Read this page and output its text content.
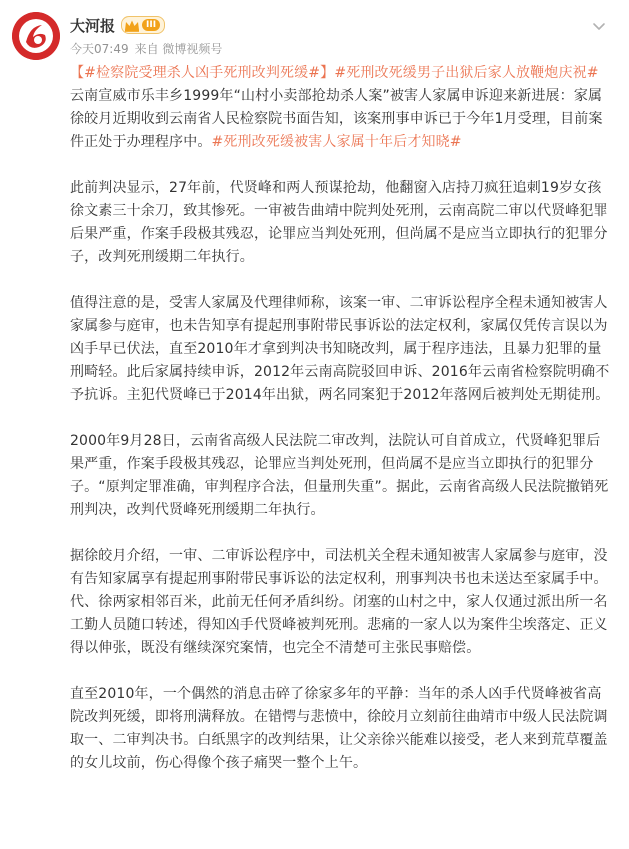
大河报	III
今天07:49 来自 微博视频号

【#检察院受理杀人凶手死刑改判死缓#】#死刑改死缓男子出狱后家人放鞭炮庆祝# 云南宣威市乐丰乡1999年“山村小卖部抢劫杀人案”被害人家属申诉迎来新进展：家属徐皎月近期收到云南省人民检察院书面告知，该案刑事申诉已于今年1月受理，目前案件正处于办理程序中。#死刑改死缓被害人家属十年后才知晓#

此前判决显示，27年前，代贤峰和两人预谋抢劫，他翻窗入店持刀疯狂追刺19岁女孩徐文素三十余刀，致其惨死。一审被告曲靖中院判处死刑，云南高院二审以代贤峰犯罪后果严重，作案手段极其残忍，论罪应当判处死刑，但尚属不是应当立即执行的犯罪分子，改判死刑缓期二年执行。

值得注意的是，受害人家属及代理律师称，该案一审、二审诉讼程序全程未通知被害人家属参与庭审，也未告知享有提起刑事附带民事诉讼的法定权利，家属仅凭传言误以为凶手早已伏法，直至2010年才拿到判决书知晓改判，属于程序违法，且暴力犯罪的量刑畸轻。此后家属持续申诉，2012年云南高院驳回申诉、2016年云南省检察院明确不予抗诉。主犯代贤峰已于2014年出狱，两名同案犯于2012年落网后被判处无期徒刑。

2000年9月28日，云南省高级人民法院二审改判，法院认可自首成立，代贤峰犯罪后果严重，作案手段极其残忍，论罪应当判处死刑，但尚属不是应当立即执行的犯罪分子。“原判定罪准确，审判程序合法，但量刑失重”。据此，云南省高级人民法院撤销死刑判决，改判代贤峰死刑缓期二年执行。

据徐皎月介绍，一审、二审诉讼程序中，司法机关全程未通知被害人家属参与庭审，没有告知家属享有提起刑事附带民事诉讼的法定权利，刑事判决书也未送达至家属手中。代、徐两家相邻百米，此前无任何矛盾纠纷。闭塞的山村之中，家人仅通过派出所一名工勤人员随口转述，得知凶手代贤峰被判死刑。悲痛的一家人以为案件尘埃落定、正义得以伸张，既没有继续深究案情，也完全不清楚可主张民事赔偿。

直至2010年，一个偶然的消息击碎了徐家多年的平静：当年的杀人凶手代贤峰被省高院改判死缓，即将刑满释放。在错愕与悲愤中，徐皎月立刻前往曲靖市中级人民法院调取一、二审判决书。白纸黑字的改判结果，让父亲徐兴能难以接受，老人来到荒草覆盖的女儿坟前，伤心得像个孩子痛哭一整个上午。
